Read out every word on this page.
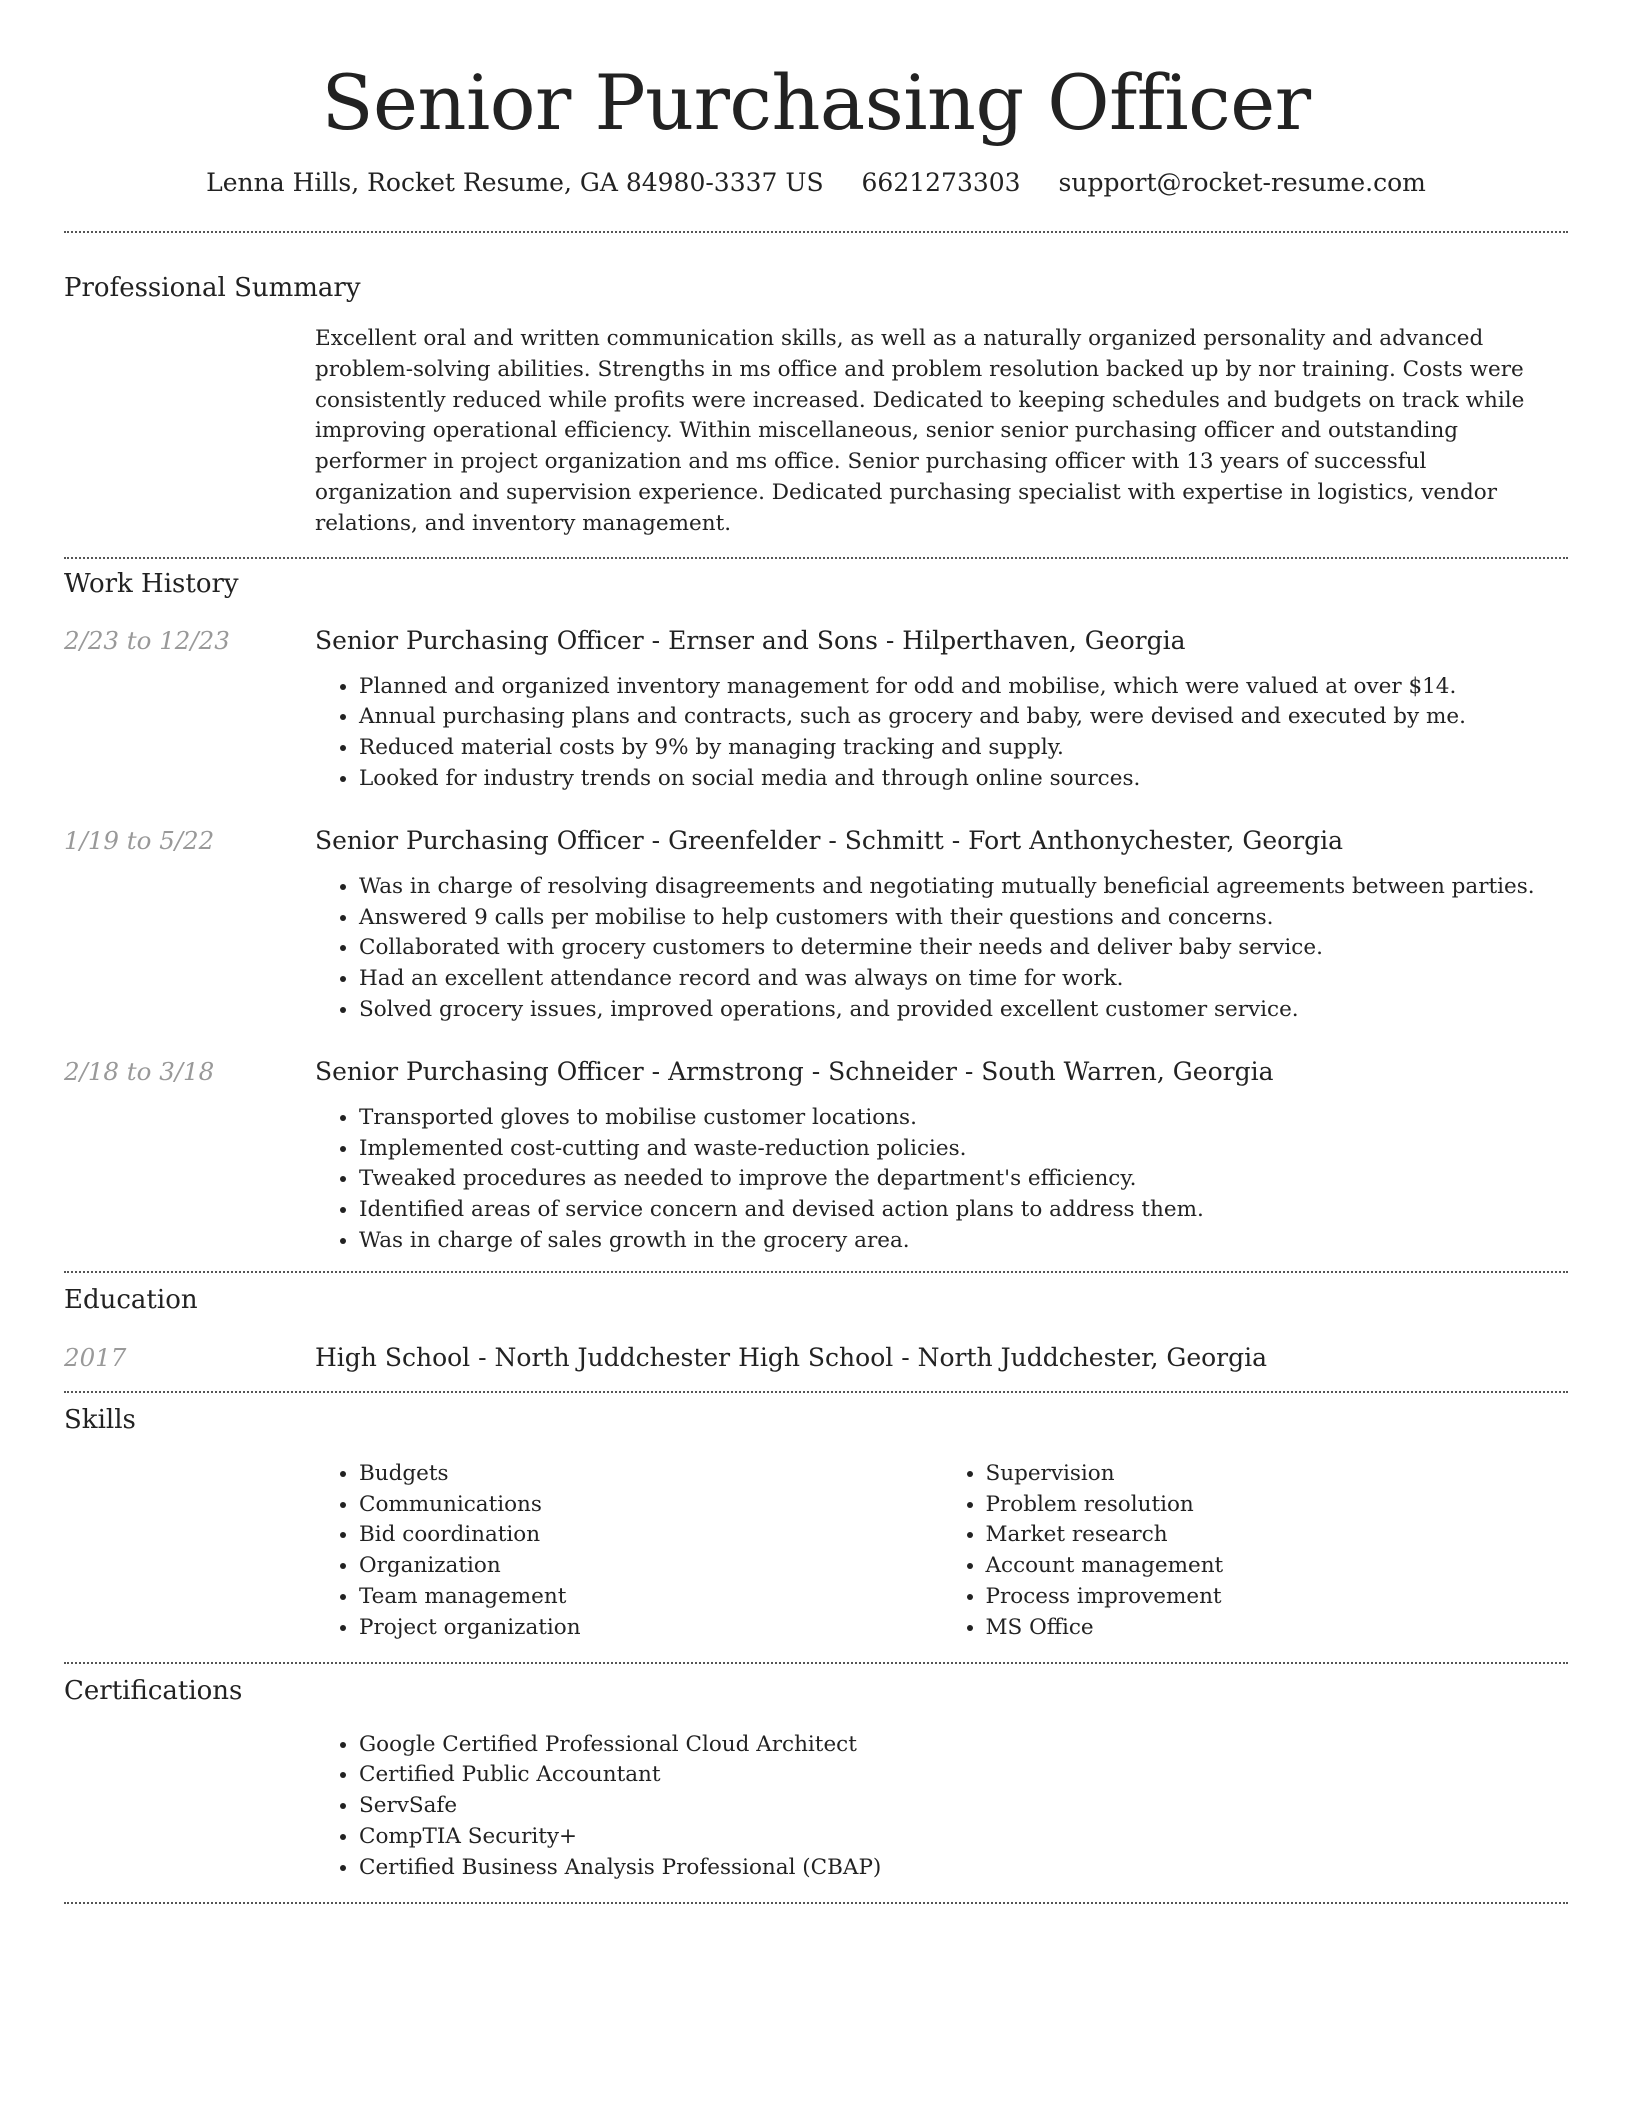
Senior Purchasing Officer
Lenna Hills, Rocket Resume, GA 84980-3337 US 6621273303 support@rocket-resume.com
Professional Summary

Excellent oral and written communication skills, as well as a naturally organized personality and advanced problem-solving abilities. Strengths in ms office and problem resolution backed up by nor training. Costs were consistently reduced while profits were increased. Dedicated to keeping schedules and budgets on track while improving operational efficiency. Within miscellaneous, senior senior purchasing officer and outstanding performer in project organization and ms office. Senior purchasing officer with 13 years of successful organization and supervision experience. Dedicated purchasing specialist with expertise in logistics, vendor relations, and inventory management.

Work History
2/23 to 12/23	Senior Purchasing Officer - Ernser and Sons - Hilperthaven, Georgia
• Planned and organized inventory management for odd and mobilise, which were valued at over $14.
• Annual purchasing plans and contracts, such as grocery and baby, were devised and executed by me.
• Reduced material costs by 9% by managing tracking and supply.
• Looked for industry trends on social media and through online sources.
1/19 to 5/22	Senior Purchasing Officer - Greenfelder - Schmitt - Fort Anthonychester, Georgia
• Was in charge of resolving disagreements and negotiating mutually beneficial agreements between parties.
• Answered 9 calls per mobilise to help customers with their questions and concerns.
• Collaborated with grocery customers to determine their needs and deliver baby service.
• Had an excellent attendance record and was always on time for work.
• Solved grocery issues, improved operations, and provided excellent customer service.
2/18 to 3/18	Senior Purchasing Officer - Armstrong - Schneider - South Warren, Georgia
• Transported gloves to mobilise customer locations.
• Implemented cost-cutting and waste-reduction policies.
• Tweaked procedures as needed to improve the department's efficiency.
• Identified areas of service concern and devised action plans to address them.
• Was in charge of sales growth in the grocery area.
Education
2017	High School - North Juddchester High School - North Juddchester, Georgia
Skills
• Budgets
• Communications
• Bid coordination
• Organization
• Team management
• Project organization
• Supervision
• Problem resolution
• Market research
• Account management
• Process improvement
• MS Office
Certifications
• Google Certified Professional Cloud Architect
• Certified Public Accountant
• ServSafe
• CompTIA Security+
• Certified Business Analysis Professional (CBAP)
